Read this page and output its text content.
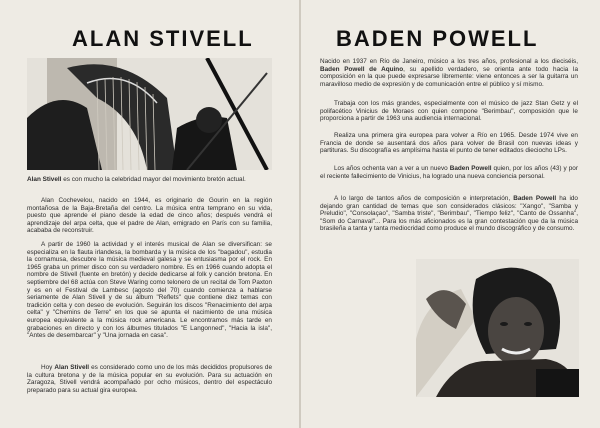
ALAN STIVELL
Alan Stivell es con mucho la celebridad mayor del movimiento bretón actual.
Alan Cochevelou, nacido en 1944, es originario de Gourin en la región montañosa de la Baja-Bretaña del centro. La música entra temprano en su vida, puesto que aprende el piano desde la edad de cinco años; después vendrá el aprendizaje del arpa celta, que el padre de Alan, emigrado en París con su familia, acababa de reconstruir.
A partir de 1960 la actividad y el interés musical de Alan se diversifican: se especializa en la flauta irlandesa, la bombarda y la música de los "bagadou", estudia la cornamusa, descubre la música medieval galesa y se entusiasma por el rock. En 1965 graba un primer disco con su verdadero nombre. Es en 1966 cuando adopta el nombre de Stivell (fuente en bretón) y decide dedicarse al folk y canción bretona. En septiembre del 68 actúa con Steve Waring como telonero de un recital de Tom Paxton y es en el Festival de Lambesc (agosto del 70) cuando comienza a hablarse seriamente de Alan Stivell y de su álbum "Reflets" que contiene diez temas con tradición celta y con deseo de evolución. Seguirán los discos "Renacimiento del arpa celta" y "Chemins de Terre" en los que se apunta el nacimiento de una música europea equivalente a la música rock americana. Le encontramos más tarde en grabaciones en directo y con los álbumes titulados "E Langonned", "Hacia la isla", "Antes de desembarcar" y "Una jornada en casa".
Hoy Alan Stivell es considerado como uno de los más decididos propulsores de la cultura bretona y de la música popular en su evolución. Para su actuación en Zaragoza, Stivell vendrá acompañado por ocho músicos, dentro del espectáculo preparado para su actual gira europea.
BADEN POWELL
Nacido en 1937 en Río de Janeiro, músico a los tres años, profesional a los dieciséis, Baden Powell de Aquino, su apellido verdadero, se orienta ante todo hacia la composición en la que puede expresarse libremente: viene entonces a ser la guitarra un maravilloso medio de expresión y de comunicación entre el público y sí mismo.
Trabaja con los más grandes, especialmente con el músico de jazz Stan Getz y el polifacético Vinicius de Moraes con quien compone "Berimbau", composición que le proporciona a partir de 1963 una audiencia internacional.
Realiza una primera gira europea para volver a Río en 1965. Desde 1974 vive en Francia de donde se ausentará dos años para volver de Brasil con nuevas ideas y partituras. Su discografía es amplísima hasta el punto de tener editados dieciocho LPs.
Los años ochenta van a ver a un nuevo Baden Powell quien, por los años (43) y por el reciente fallecimiento de Vinicius, ha logrado una nueva conciencia personal.
A lo largo de tantos años de composición e interpretación, Baden Powell ha ido dejando gran cantidad de temas que son considerados clásicos: "Xango", "Samba y Preludio", "Consolaçao", "Samba triste", "Berimbau", "Tiempo feliz", "Canto de Ossanha", "Som do Carnaval"... Para los más aficionados es la gran contestación que da la música brasileña a tanta y tanta mediocridad como produce el mundo discográfico y de consumo.
